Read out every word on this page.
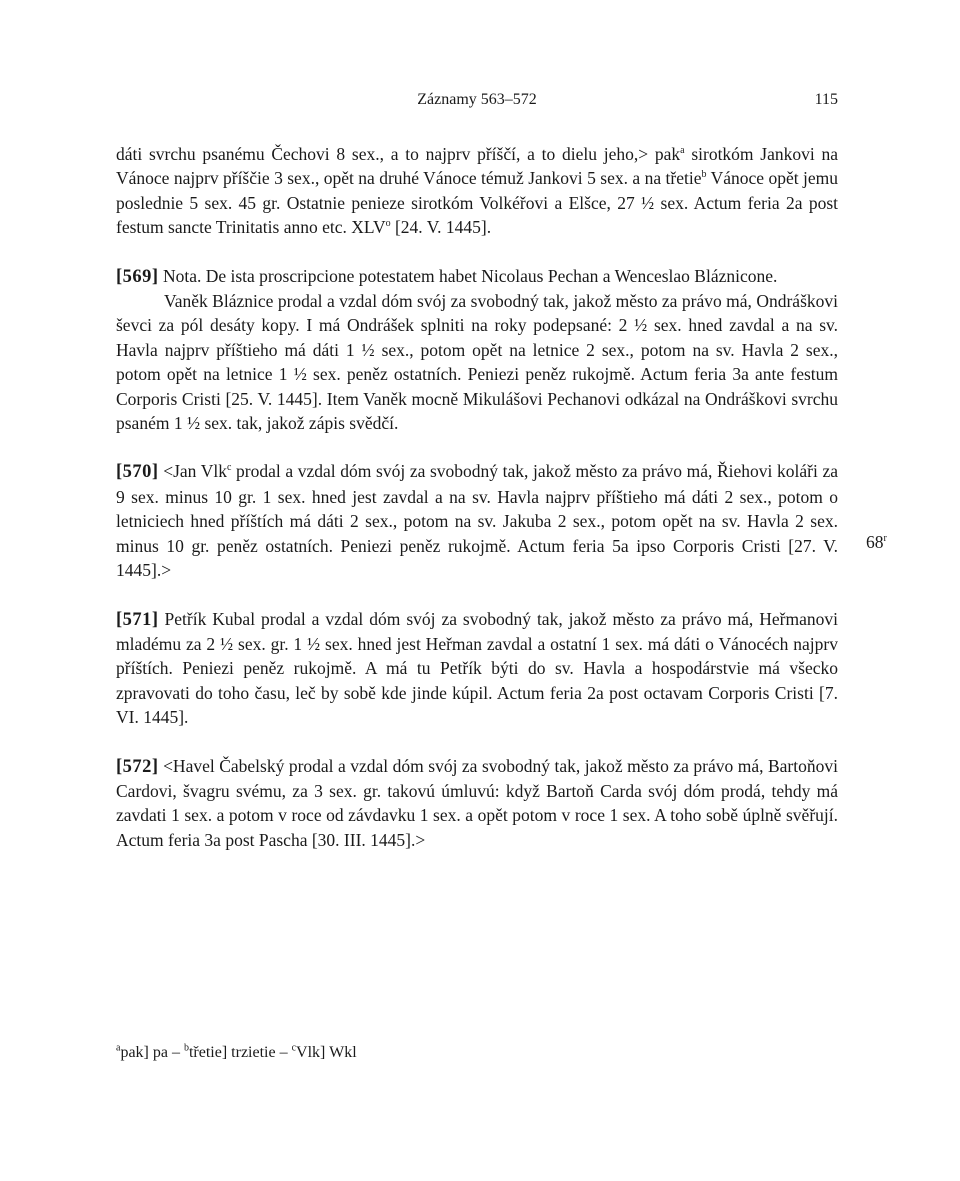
Záznamy 563–572	115

dáti svrchu psanému Čechovi 8 sex., a to najprv příščí, a to dielu jeho,> pak$^a$ sirotkóm Jankovi na Vánoce najprv příščie 3 sex., opět na druhé Vánoce témuž Jankovi 5 sex. a na třetie$^b$ Vánoce opět jemu poslednie 5 sex. 45 gr. Ostatnie penieze sirotkóm Volkéřovi a Elšce, 27 ½ sex. Actum feria 2a post festum sancte Trinitatis anno etc. XLV$^o$ [24. V. 1445].

[569] Nota. De ista proscripcione potestatem habet Nicolaus Pechan a Wenceslao Bláznicone.

Vaněk Bláznice prodal a vzdal dóm svój za svobodný tak, jakož město za právo má, Ondráškovi ševci za pól desáty kopy. I má Ondrášek splniti na roky podepsané: 2 ½ sex. hned zavdal a na sv. Havla najprv příštieho má dáti 1 ½ sex., potom opět na letnice 2 sex., potom na sv. Havla 2 sex., potom opět na letnice 1 ½ sex. peněz ostatních. Peniezi peněz rukojmě. Actum feria 3a ante festum Corporis Cristi [25. V. 1445]. Item Vaněk mocně Mikulášovi Pechanovi odkázal na Ondráškovi svrchu psaném 1 ½ sex. tak, jakož zápis svědčí.

[570] <Jan Vlk$^c$ prodal a vzdal dóm svój za svobodný tak, jakož město za právo má, Řiehovi koláři za 9 sex. minus 10 gr. 1 sex. hned jest zavdal a na sv. Havla najprv příštieho má dáti 2 sex., potom o letniciech hned příštích má dáti 2 sex., potom na sv. Jakuba 2 sex., potom opět na sv. Havla 2 sex. minus 10 gr. peněz ostatních. Peniezi peněz rukojmě. Actum feria 5a ipso Corporis Cristi [27. V. 1445].>

[571] Petřík Kubal prodal a vzdal dóm svój za svobodný tak, jakož město za právo má, Heřmanovi mladému za 2 ½ sex. gr. 1 ½ sex. hned jest Heřman zavdal a ostatní 1 sex. má dáti o Vánocéch najprv příštích. Peniezi peněz rukojmě. A má tu Petřík býti do sv. Havla a hospodárstvie má všecko zpravovati do toho času, leč by sobě kde jinde kúpil. Actum feria 2a post octavam Corporis Cristi [7. VI. 1445].

[572] <Havel Čabelský prodal a vzdal dóm svój za svobodný tak, jakož město za právo má, Bartoňovi Cardovi, švagru svému, za 3 sex. gr. takovú úmluvú: když Bartoň Carda svój dóm prodá, tehdy má zavdati 1 sex. a potom v roce od závdavku 1 sex. a opět potom v roce 1 sex. A toho sobě úplně svěřují. Actum feria 3a post Pascha [30. III. 1445].>

68$^r$
$^a$pak] pa – $^b$třetie] trzietie – $^c$Vlk] Wkl
